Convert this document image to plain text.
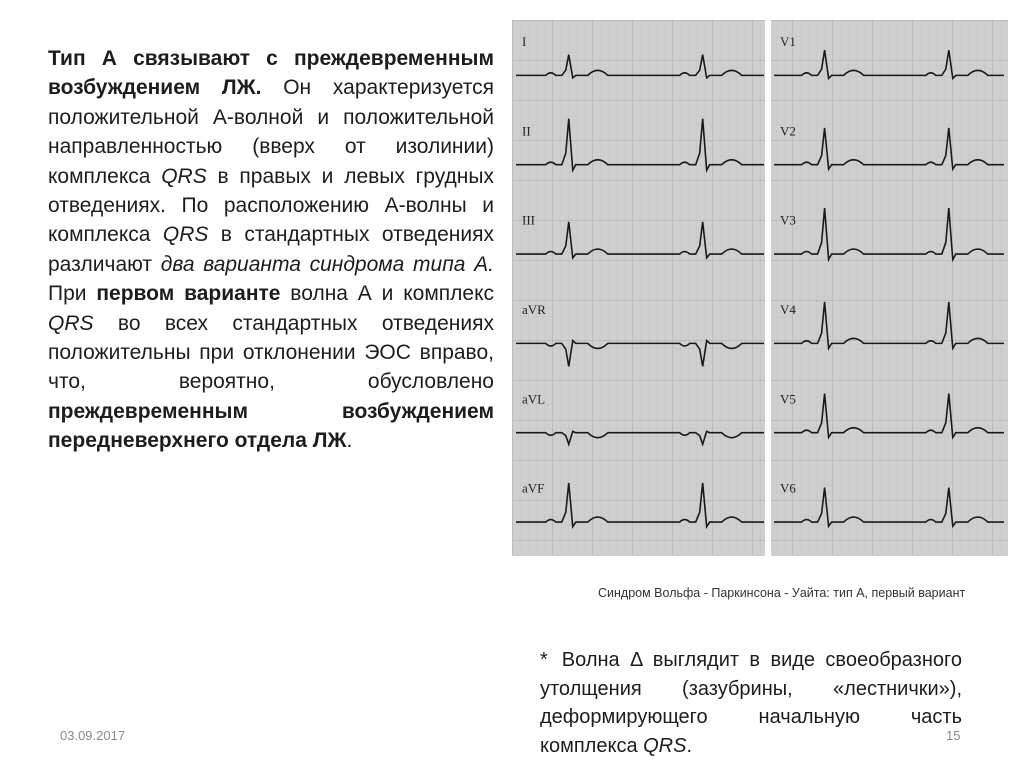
Тип А связывают с преждевременным возбуждением ЛЖ. Он характеризуется положительной А-волной и положительной направленностью (вверх от изолинии) комплекса QRS в правых и левых грудных отведениях. По расположению А-волны и комплекса QRS в стандартных отведениях различают два варианта синдрома типа А. При первом варианте волна А и комплекс QRS во всех стандартных отведениях положительны при отклонении ЭОС вправо, что, вероятно, обусловлено преждевременным возбуждением передневерхнего отдела ЛЖ.

I
II
III
aVR
aVL
aVF
V1
V2
V3
V4
V5
V6
Синдром Вольфа - Паркинсона - Уайта: тип А, первый вариант
* Волна Δ выглядит в виде своеобразного утолщения (зазубрины, «лестнички»), деформирующего начальную часть комплекса QRS.
03.09.2017	15
